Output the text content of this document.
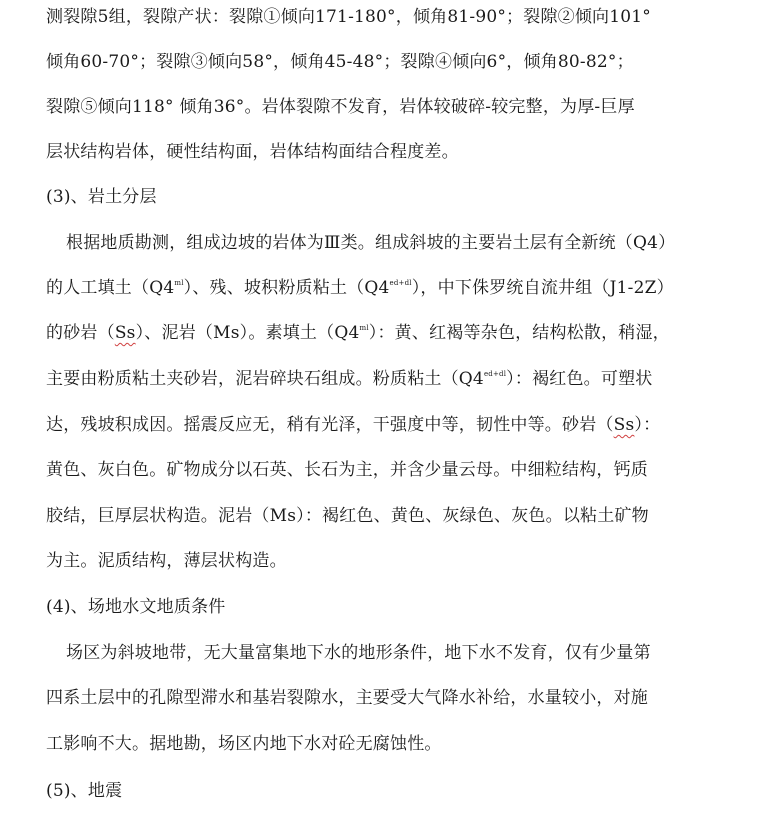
测裂隙5组，裂隙产状：裂隙①倾向171-180°，倾角81-90°；裂隙②倾向101°
倾角60-70°；裂隙③倾向58°，倾角45-48°；裂隙④倾向6°，倾角80-82°；
裂隙⑤倾向118° 倾角36°。岩体裂隙不发育，岩体较破碎-较完整，为厚-巨厚
层状结构岩体，硬性结构面，岩体结构面结合程度差。
(3)、岩土分层
根据地质勘测，组成边坡的岩体为Ⅲ类。组成斜坡的主要岩土层有全新统（Q4）
的人工填土$(Q4^{ml})$、残、坡积粉质粘土$(Q4^{ed+dl})$，中下侏罗统自流井组（J1-2Z）
的砂岩（Ss）、泥岩（Ms）。素填土$(Q4^{ml})$：黄、红褐等杂色，结构松散，稍湿，
主要由粉质粘土夹砂岩，泥岩碎块石组成。粉质粘土$(Q4^{ed+dl})$：褐红色。可塑状
达，残坡积成因。摇震反应无，稍有光泽，干强度中等，韧性中等。砂岩（Ss）：
黄色、灰白色。矿物成分以石英、长石为主，并含少量云母。中细粒结构，钙质
胶结，巨厚层状构造。泥岩（Ms）：褐红色、黄色、灰绿色、灰色。以粘土矿物
为主。泥质结构，薄层状构造。
(4)、场地水文地质条件
场区为斜坡地带，无大量富集地下水的地形条件，地下水不发育，仅有少量第
四系土层中的孔隙型滞水和基岩裂隙水，主要受大气降水补给，水量较小，对施
工影响不大。据地勘，场区内地下水对砼无腐蚀性。
(5)、地震
